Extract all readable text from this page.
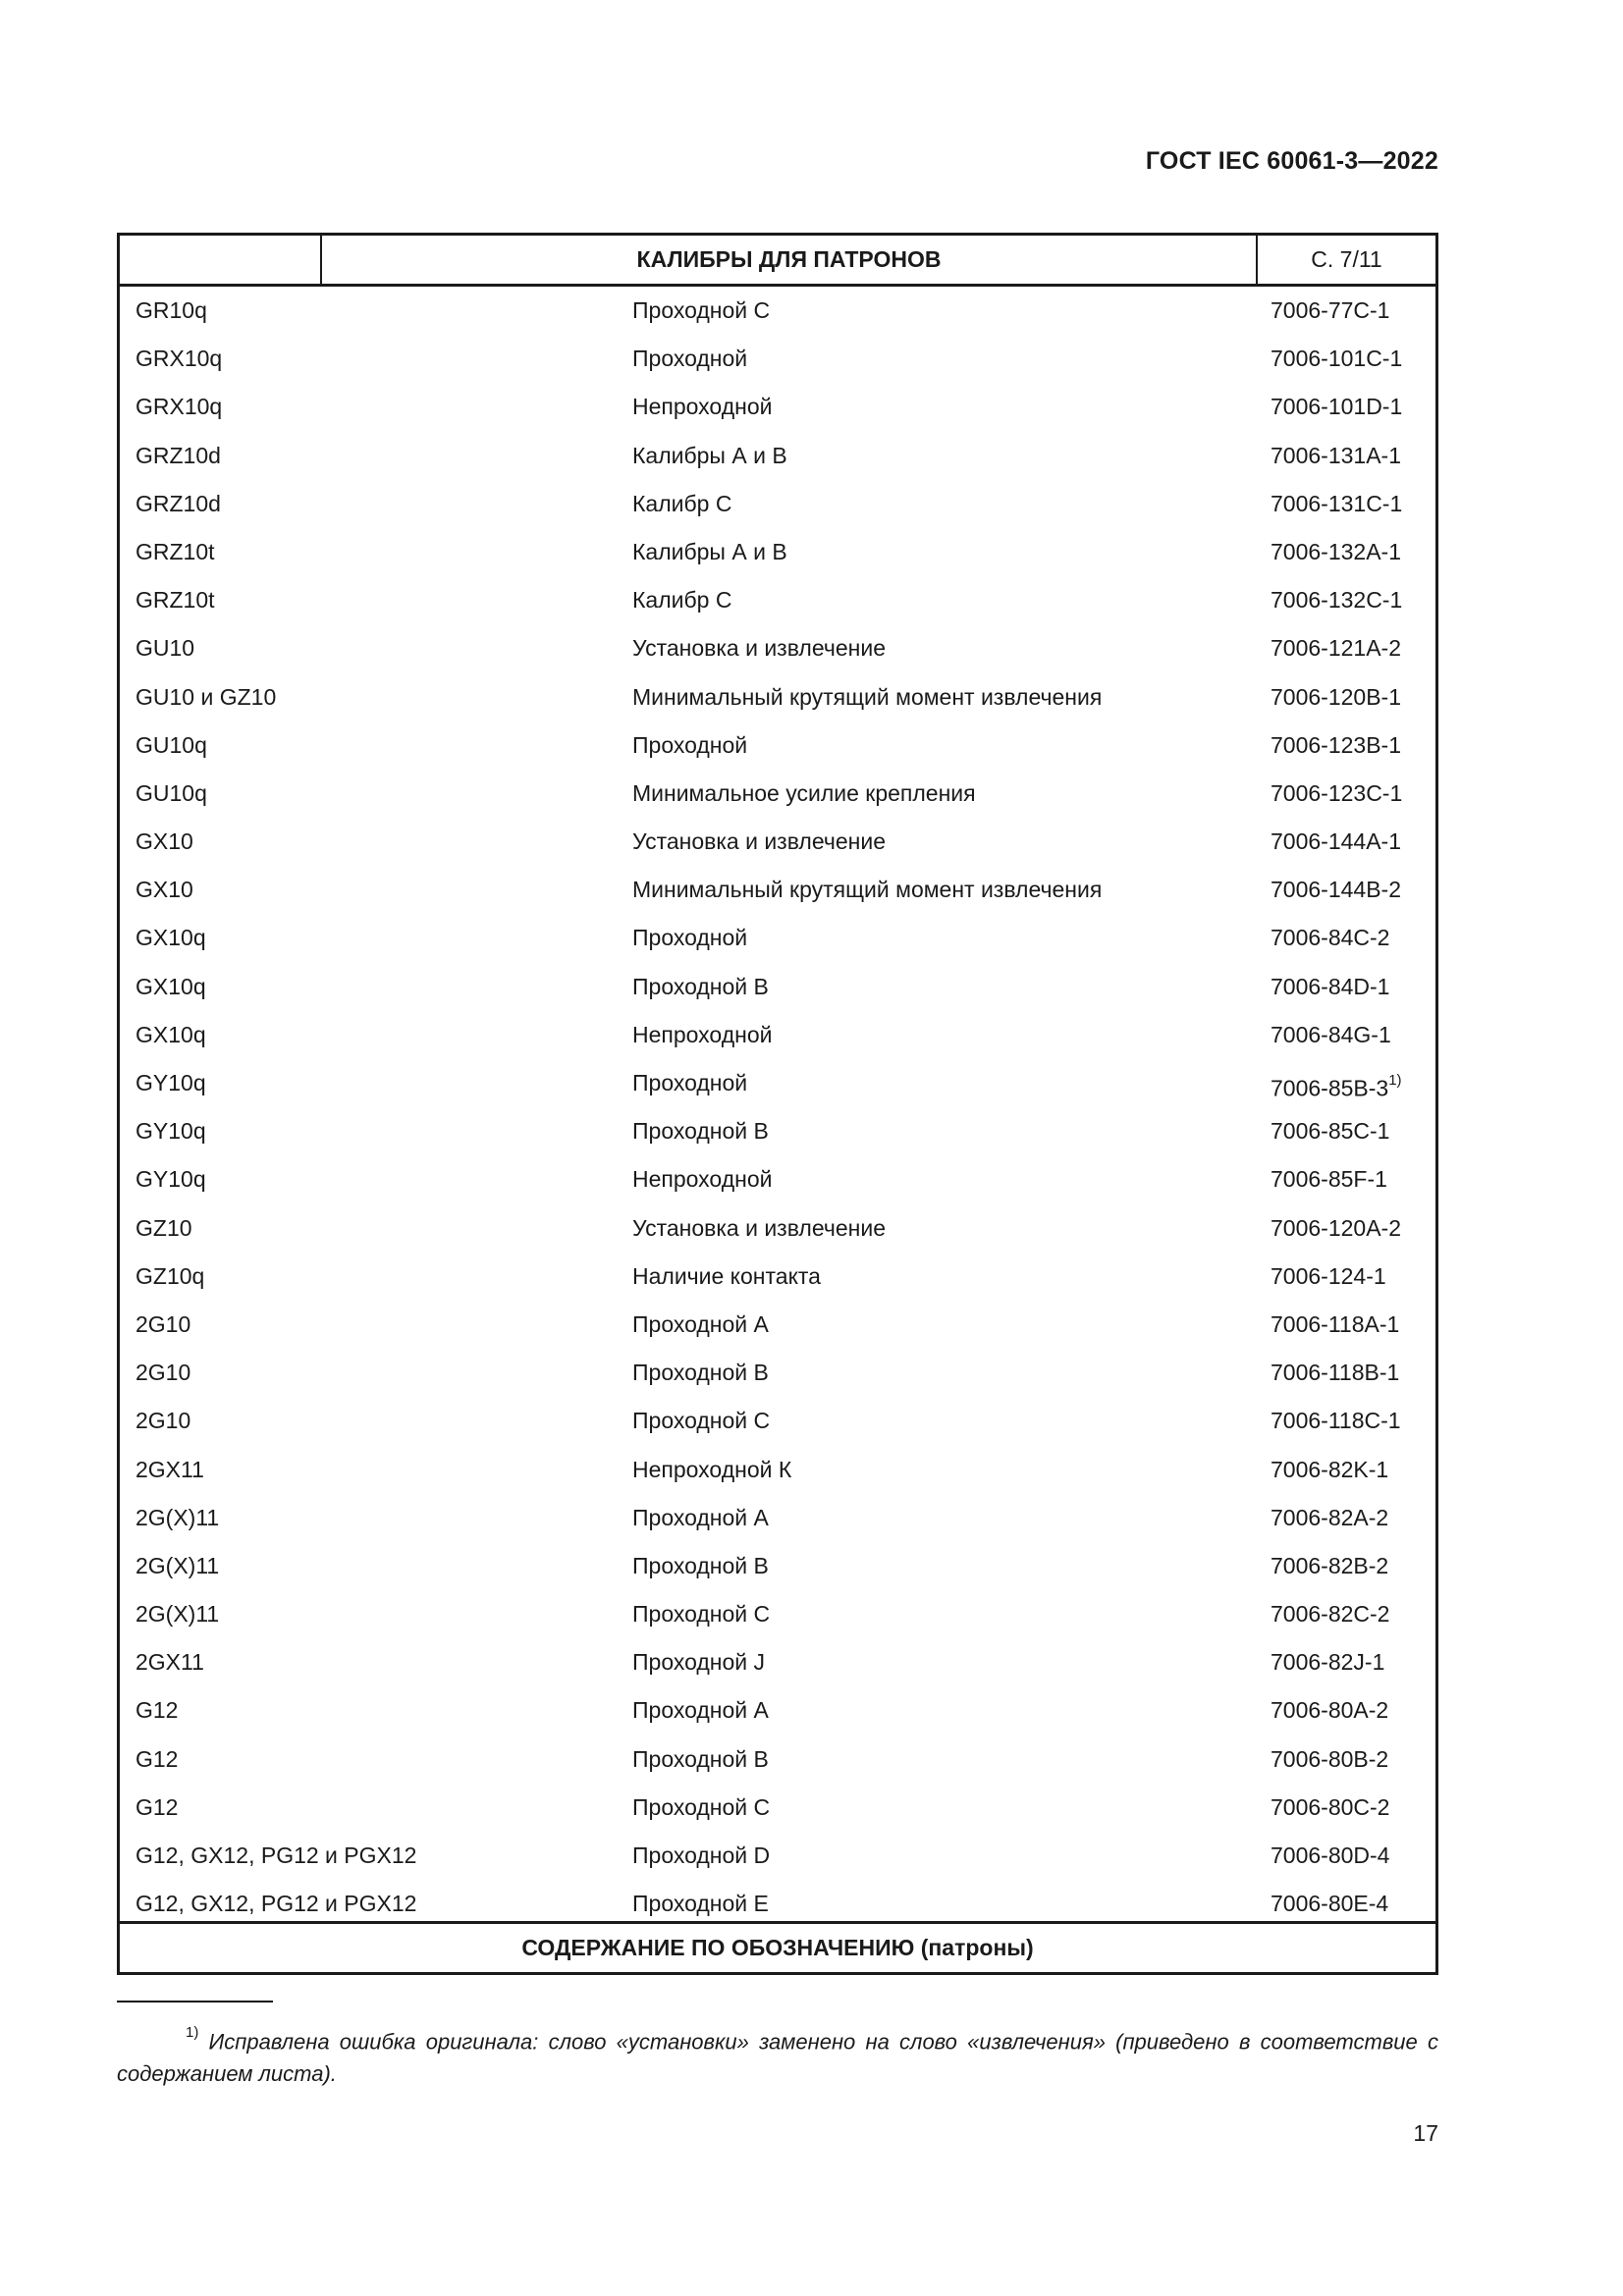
ГОСТ IEC 60061-3—2022
КАЛИБРЫ ДЛЯ ПАТРОНОВ	С. 7/11
GR10q	Проходной С	7006-77C-1
GRX10q	Проходной	7006-101C-1
GRX10q	Непроходной	7006-101D-1
GRZ10d	Калибры А и В	7006-131A-1
GRZ10d	Калибр С	7006-131C-1
GRZ10t	Калибры А и В	7006-132A-1
GRZ10t	Калибр С	7006-132C-1
GU10	Установка и извлечение	7006-121A-2
GU10 и GZ10	Минимальный крутящий момент извлечения	7006-120B-1
GU10q	Проходной	7006-123B-1
GU10q	Минимальное усилие крепления	7006-123C-1
GX10	Установка и извлечение	7006-144A-1
GX10	Минимальный крутящий момент извлечения	7006-144B-2
GX10q	Проходной	7006-84C-2
GX10q	Проходной В	7006-84D-1
GX10q	Непроходной	7006-84G-1
GY10q	Проходной	7006-85B-3$^{1)}$
GY10q	Проходной В	7006-85C-1
GY10q	Непроходной	7006-85F-1
GZ10	Установка и извлечение	7006-120A-2
GZ10q	Наличие контакта	7006-124-1
2G10	Проходной А	7006-118A-1
2G10	Проходной В	7006-118B-1
2G10	Проходной С	7006-118C-1
2GX11	Непроходной К	7006-82K-1
2G(X)11	Проходной А	7006-82A-2
2G(X)11	Проходной В	7006-82B-2
2G(X)11	Проходной С	7006-82C-2
2GX11	Проходной J	7006-82J-1
G12	Проходной А	7006-80A-2
G12	Проходной В	7006-80B-2
G12	Проходной С	7006-80C-2
G12, GX12, PG12 и PGX12	Проходной D	7006-80D-4
G12, GX12, PG12 и PGX12	Проходной E	7006-80E-4
СОДЕРЖАНИЕ ПО ОБОЗНАЧЕНИЮ (патроны)
$^{1)}$ Исправлена ошибка оригинала: слово «установки» заменено на слово «извлечения» (приведено в соответствие с содержанием листа).
17
